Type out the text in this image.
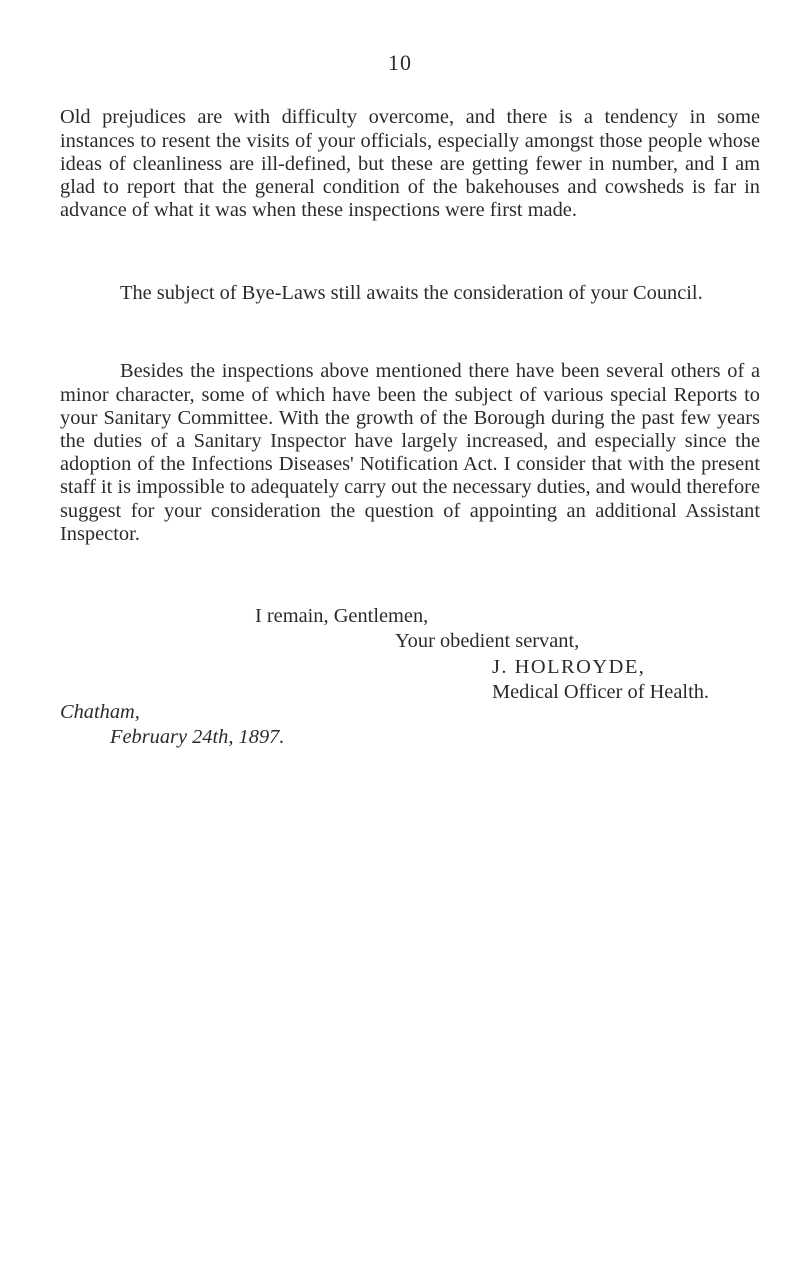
10

Old prejudices are with difficulty overcome, and there is a tendency in some instances to resent the visits of your officials, especially amongst those people whose ideas of cleanliness are ill-defined, but these are getting fewer in number, and I am glad to report that the general condition of the bakehouses and cowsheds is far in advance of what it was when these inspections were first made.

The subject of Bye-Laws still awaits the consideration of your Council.

Besides the inspections above mentioned there have been several others of a minor character, some of which have been the subject of various special Reports to your Sanitary Committee. With the growth of the Borough during the past few years the duties of a Sanitary Inspector have largely increased, and especially since the adoption of the Infections Diseases' Notification Act. I consider that with the present staff it is impossible to adequately carry out the necessary duties, and would therefore suggest for your consideration the question of appointing an additional Assistant Inspector.

I remain, Gentlemen,
Your obedient servant,
J. HOLROYDE,
Medical Officer of Health.
Chatham,
February 24th, 1897.
